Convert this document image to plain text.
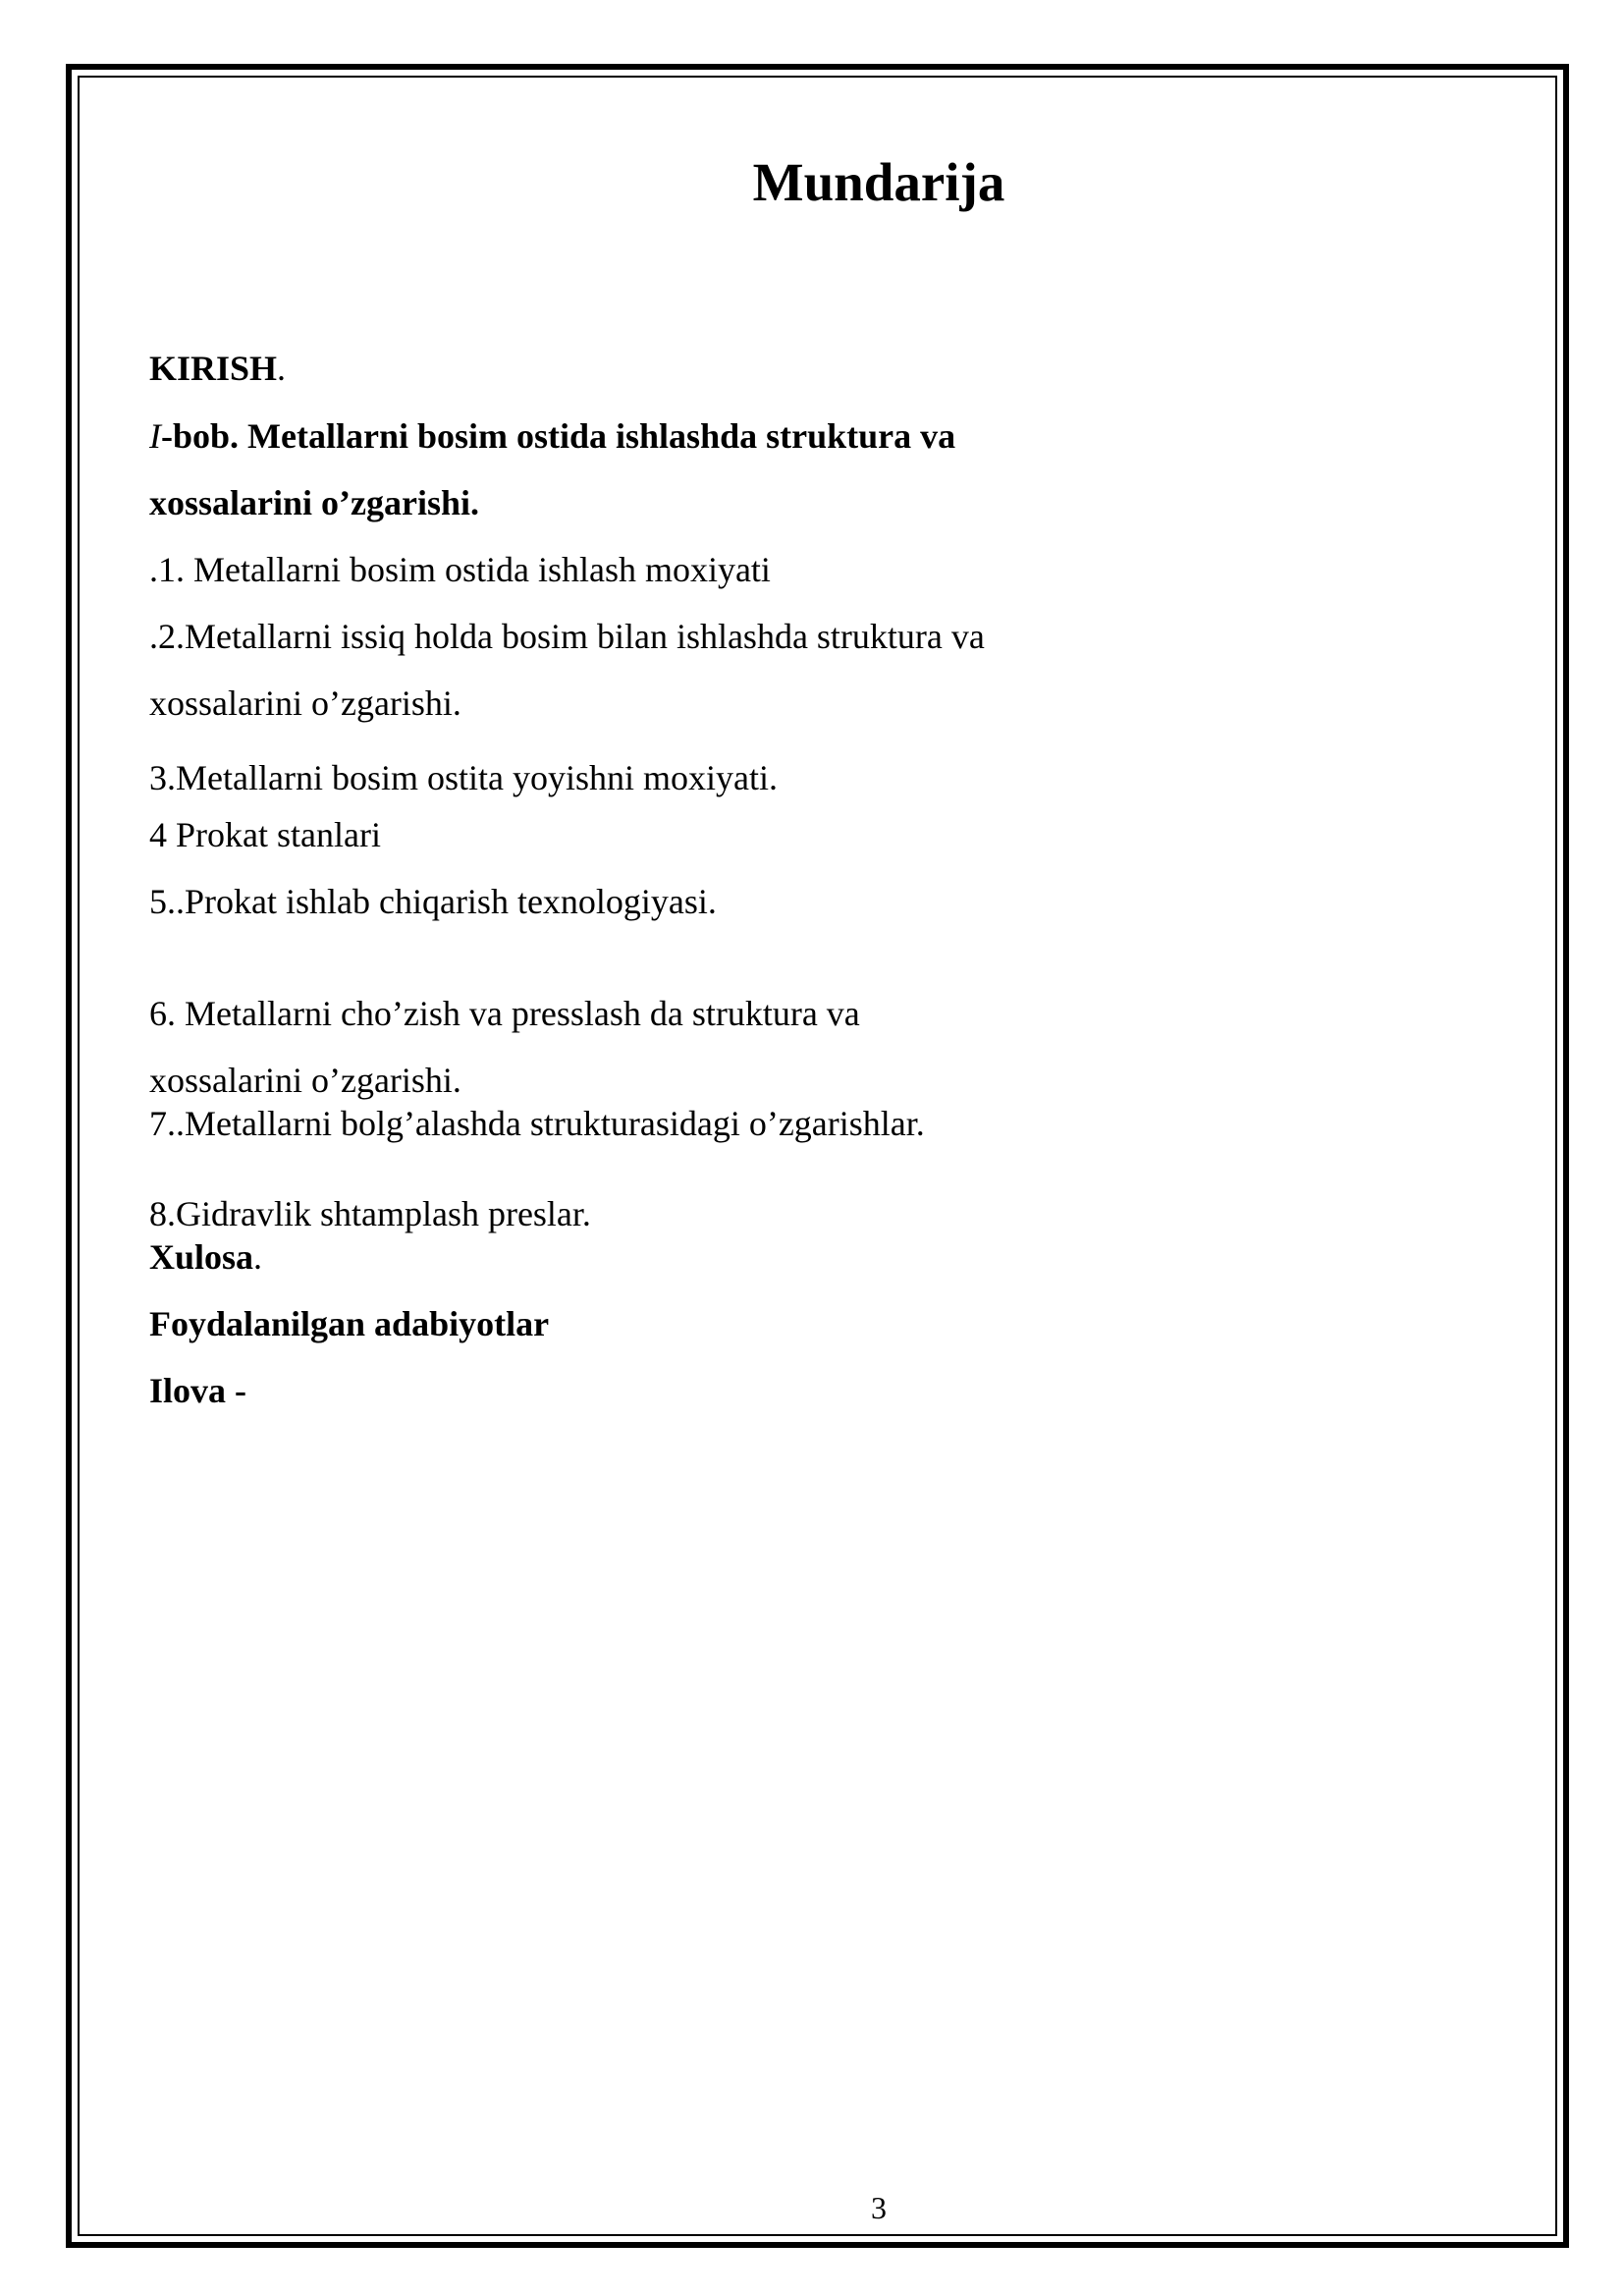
Mundarija
KIRISH.
I-bob. Metallarni bosim ostida ishlashda struktura va
xossalarini o’zgarishi.
.1. Metallarni bosim ostida ishlash moxiyati
.2.Metallarni issiq holda bosim bilan ishlashda struktura va
xossalarini o’zgarishi.
3.Metallarni bosim ostita yoyishni moxiyati.
4 Prokat stanlari
5..Prokat ishlab chiqarish texnologiyasi.
6. Metallarni cho’zish va presslash da struktura va
xossalarini o’zgarishi.
7..Metallarni bolg’alashda strukturasidagi o’zgarishlar.
8.Gidravlik shtamplash preslar.
Xulosa.
Foydalanilgan adabiyotlar
Ilova -
3
